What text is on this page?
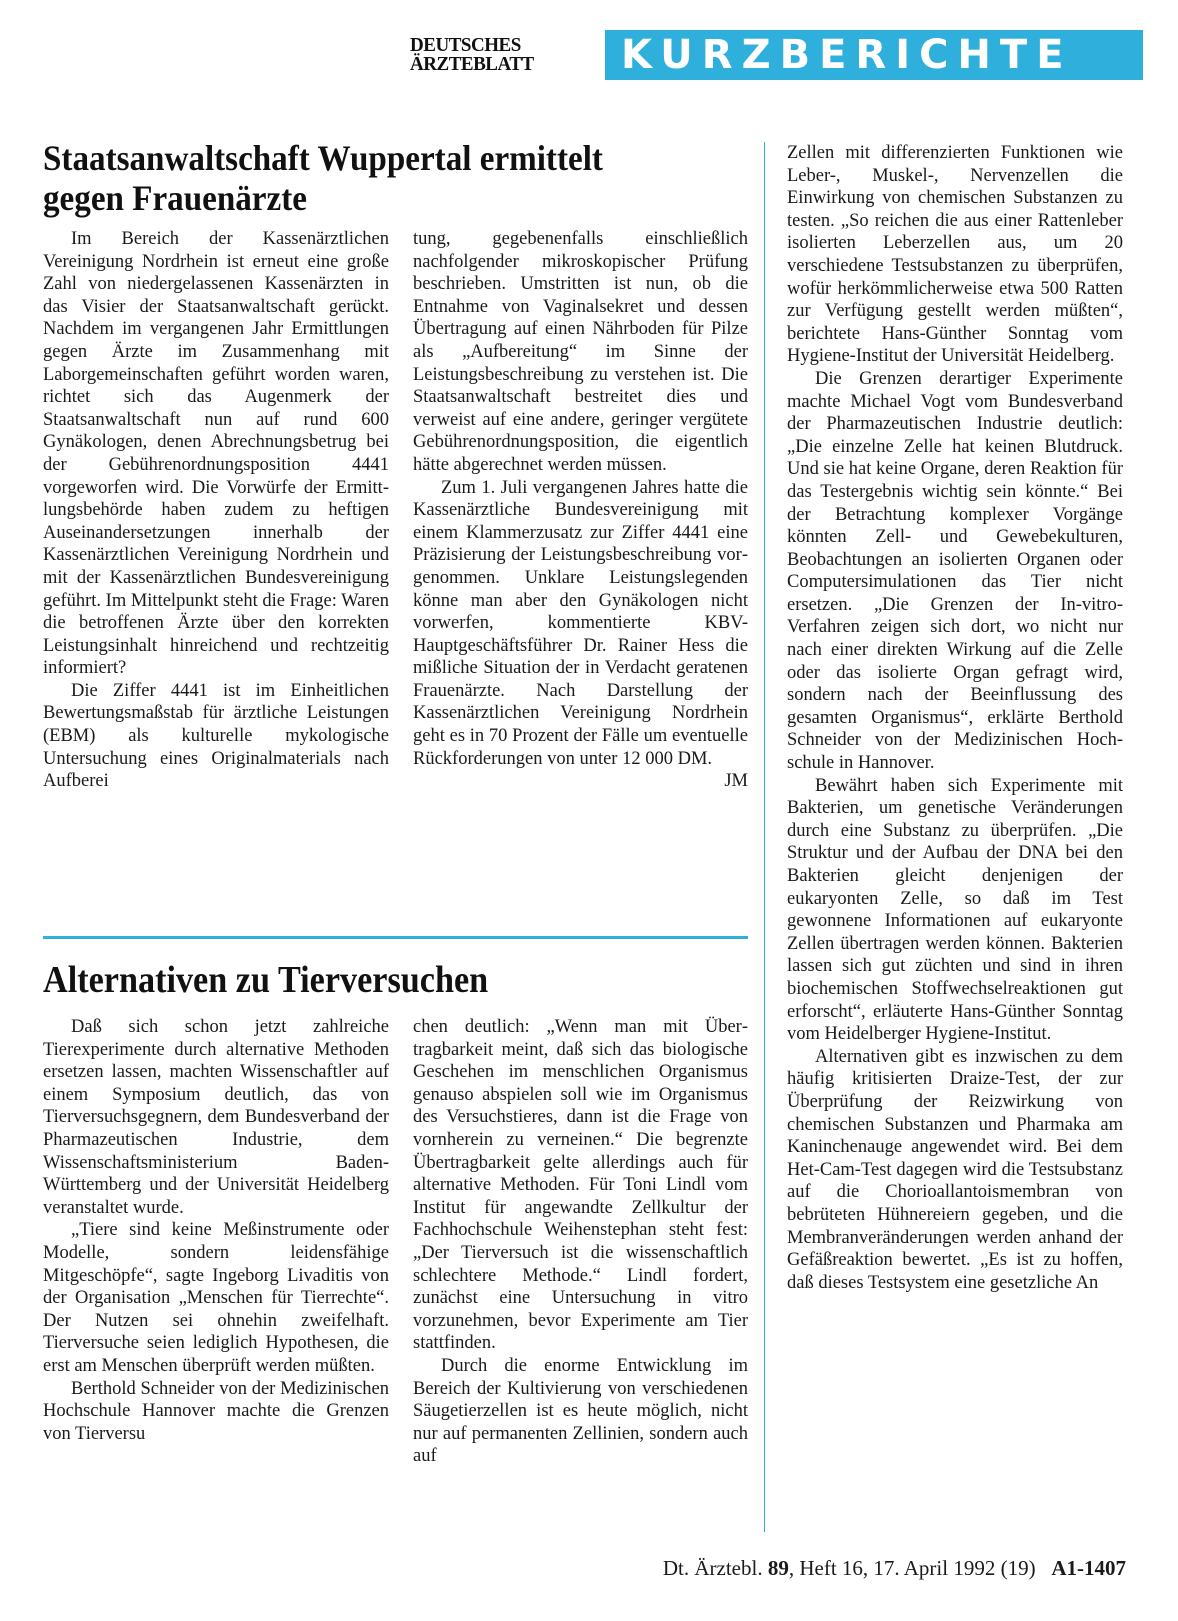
DEUTSCHES
ÄRZTEBLATT	KURZBERICHTE
Staatsanwaltschaft Wuppertal ermittelt gegen Frauenärzte

Im Bereich der Kassenärztlichen Vereinigung Nordrhein ist erneut eine große Zahl von niedergelassenen Kassenärzten in das Visier der Staatsanwaltschaft gerückt. Nachdem im vergangenen Jahr Ermittlungen gegen Ärzte im Zusammenhang mit Laborgemeinschaften geführt worden waren, richtet sich das Augenmerk der Staatsanwaltschaft nun auf rund 600 Gynäkologen, denen Abrechnungsbetrug bei der Gebührenordnungsposition 4441 vorgeworfen wird. Die Vorwürfe der Ermittlungsbehörde haben zudem zu heftigen Auseinandersetzungen innerhalb der Kassenärztlichen Vereinigung Nordrhein und mit der Kassenärztlichen Bundesvereinigung geführt. Im Mittelpunkt steht die Frage: Waren die betroffenen Ärzte über den korrekten Leistungsinhalt hinreichend und rechtzeitig informiert?

Die Ziffer 4441 ist im Einheitlichen Bewertungsmaßstab für ärztliche Leistungen (EBM) als kulturelle mykologische Untersuchung eines Originalmaterials nach Aufberei

tung, gegebenenfalls einschließlich nachfolgender mikroskopischer Prüfung beschrieben. Umstritten ist nun, ob die Entnahme von Vaginalsekret und dessen Übertragung auf einen Nährboden für Pilze als „Aufbereitung“ im Sinne der Leistungsbeschreibung zu verstehen ist. Die Staatsanwaltschaft bestreitet dies und verweist auf eine andere, geringer vergütete Gebührenordnungsposition, die eigentlich hätte abgerechnet werden müssen.

Zum 1. Juli vergangenen Jahres hatte die Kassenärztliche Bundesvereinigung mit einem Klammerzusatz zur Ziffer 4441 eine Präzisierung der Leistungsbeschreibung vorgenommen. Unklare Leistungslegenden könne man aber den Gynäkologen nicht vorwerfen, kommentierte KBV-Hauptgeschäftsführer Dr. Rainer Hess die mißliche Situation der in Verdacht geratenen Frauenärzte. Nach Darstellung der Kassenärztlichen Vereinigung Nordrhein geht es in 70 Prozent der Fälle um eventuelle Rückforderungen von unter 12 000 DM.
JM

Alternativen zu Tierversuchen

Daß sich schon jetzt zahlreiche Tierexperimente durch alternative Methoden ersetzen lassen, machten Wissenschaftler auf einem Symposium deutlich, das von Tierversuchsgegnern, dem Bundesverband der Pharmazeutischen Industrie, dem Wissenschaftsministerium Baden-Württemberg und der Universität Heidelberg veranstaltet wurde.

„Tiere sind keine Meßinstrumente oder Modelle, sondern leidensfähige Mitgeschöpfe“, sagte Ingeborg Livaditis von der Organisation „Menschen für Tierrechte“. Der Nutzen sei ohnehin zweifelhaft. Tierversuche seien lediglich Hypothesen, die erst am Menschen überprüft werden müßten.

Berthold Schneider von der Medizinischen Hochschule Hannover machte die Grenzen von Tierversu

chen deutlich: „Wenn man mit Übertragbarkeit meint, daß sich das biologische Geschehen im menschlichen Organismus genauso abspielen soll wie im Organismus des Versuchstieres, dann ist die Frage von vornherein zu verneinen.“ Die begrenzte Übertragbarkeit gelte allerdings auch für alternative Methoden. Für Toni Lindl vom Institut für angewandte Zellkultur der Fachhochschule Weihenstephan steht fest: „Der Tierversuch ist die wissenschaftlich schlechtere Methode.“ Lindl fordert, zunächst eine Untersuchung in vitro vorzunehmen, bevor Experimente am Tier stattfinden.

Durch die enorme Entwicklung im Bereich der Kultivierung von verschiedenen Säugetierzellen ist es heute möglich, nicht nur auf permanenten Zellinien, sondern auch auf

Zellen mit differenzierten Funktionen wie Leber-, Muskel-, Nervenzellen die Einwirkung von chemischen Substanzen zu testen. „So reichen die aus einer Rattenleber isolierten Leberzellen aus, um 20 verschiedene Testsubstanzen zu überprüfen, wofür herkömmlicherweise etwa 500 Ratten zur Verfügung gestellt werden müßten“, berichtete Hans-Günther Sonntag vom Hygiene-Institut der Universität Heidelberg.

Die Grenzen derartiger Experimente machte Michael Vogt vom Bundesverband der Pharmazeutischen Industrie deutlich: „Die einzelne Zelle hat keinen Blutdruck. Und sie hat keine Organe, deren Reaktion für das Testergebnis wichtig sein könnte.“ Bei der Betrachtung komplexer Vorgänge könnten Zell- und Gewebekulturen, Beobachtungen an isolierten Organen oder Computersimulationen das Tier nicht ersetzen. „Die Grenzen der In-vitro-Verfahren zeigen sich dort, wo nicht nur nach einer direkten Wirkung auf die Zelle oder das isolierte Organ gefragt wird, sondern nach der Beeinflussung des gesamten Organismus“, erklärte Berthold Schneider von der Medizinischen Hochschule in Hannover.

Bewährt haben sich Experimente mit Bakterien, um genetische Veränderungen durch eine Substanz zu überprüfen. „Die Struktur und der Aufbau der DNA bei den Bakterien gleicht denjenigen der eukaryonten Zelle, so daß im Test gewonnene Informationen auf eukaryonte Zellen übertragen werden können. Bakterien lassen sich gut züchten und sind in ihren biochemischen Stoffwechselreaktionen gut erforscht“, erläuterte Hans-Günther Sonntag vom Heidelberger Hygiene-Institut.

Alternativen gibt es inzwischen zu dem häufig kritisierten Draize-Test, der zur Überprüfung der Reizwirkung von chemischen Substanzen und Pharmaka am Kaninchenauge angewendet wird. Bei dem Het-Cam-Test dagegen wird die Testsubstanz auf die Chorioallantoismembran von bebrüteten Hühnereiern gegeben, und die Membranveränderungen werden anhand der Gefäßreaktion bewertet. „Es ist zu hoffen, daß dieses Testsystem eine gesetzliche An

Dt. Ärztebl. 89, Heft 16, 17. April 1992 (19) A1-1407
